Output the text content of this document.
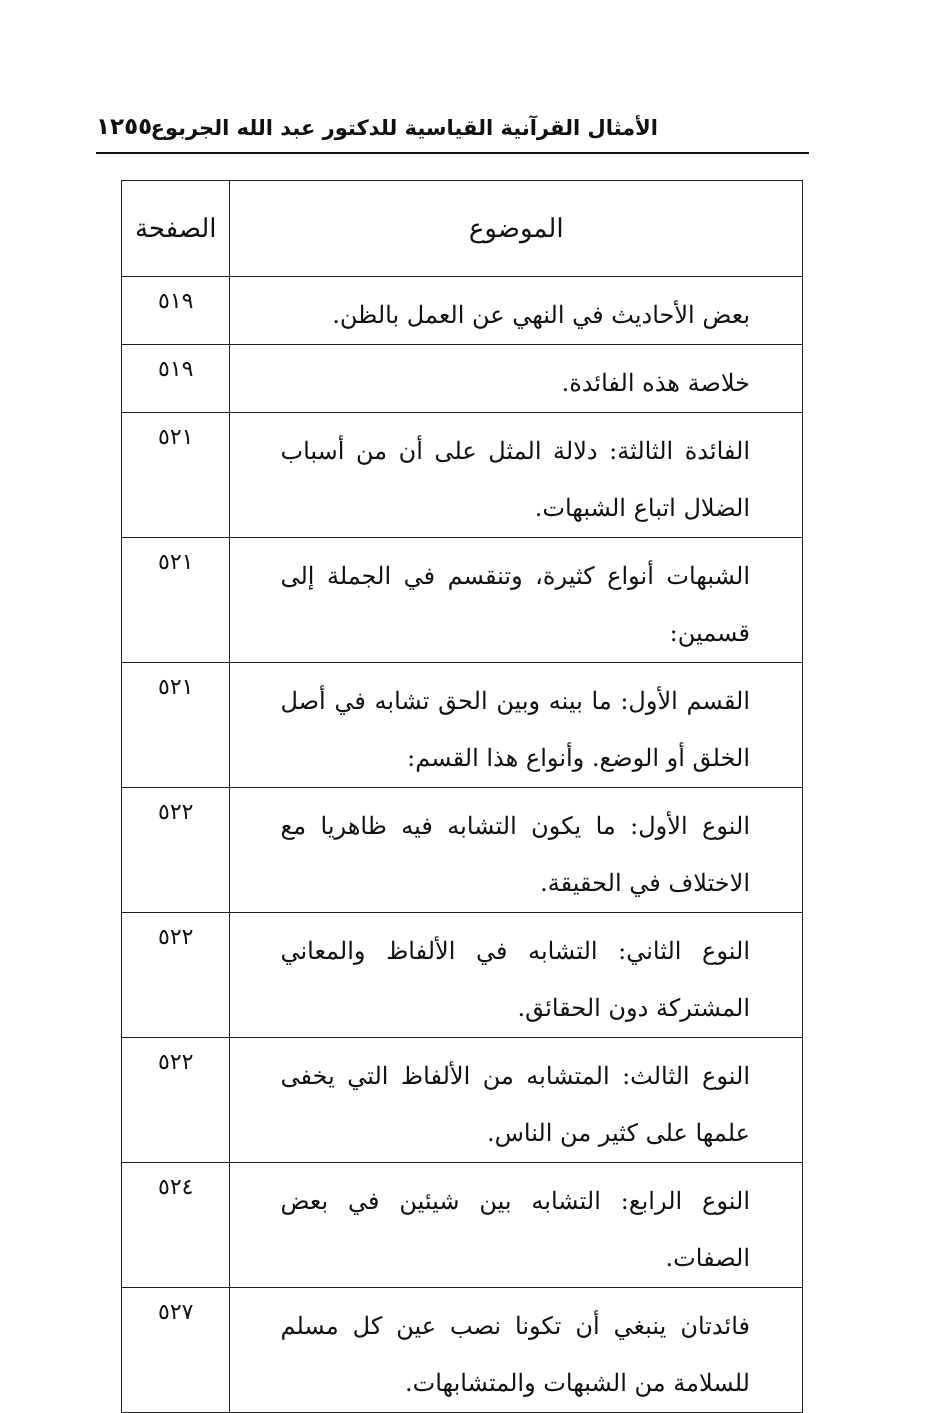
الأمثال القرآنية القياسية للدكتور عبد الله الجربوع
١٢٥٥
الموضوع	الصفحة
بعض الأحاديث في النهي عن العمل بالظن.	٥١٩
خلاصة هذه الفائدة.	٥١٩
الفائدة الثالثة: دلالة المثل على أن من أسباب الضلال اتباع الشبهات.	٥٢١
الشبهات أنواع كثيرة، وتنقسم في الجملة إلى قسمين:	٥٢١
القسم الأول: ما بينه وبين الحق تشابه في أصل الخلق أو الوضع. وأنواع هذا القسم:	٥٢١
النوع الأول: ما يكون التشابه فيه ظاهريا مع الاختلاف في الحقيقة.	٥٢٢
النوع الثاني: التشابه في الألفاظ والمعاني المشتركة دون الحقائق.	٥٢٢
النوع الثالث: المتشابه من الألفاظ التي يخفى علمها على كثير من الناس.	٥٢٢
النوع الرابع: التشابه بين شيئين في بعض الصفات.	٥٢٤
فائدتان ينبغي أن تكونا نصب عين كل مسلم للسلامة من الشبهات والمتشابهات.	٥٢٧
